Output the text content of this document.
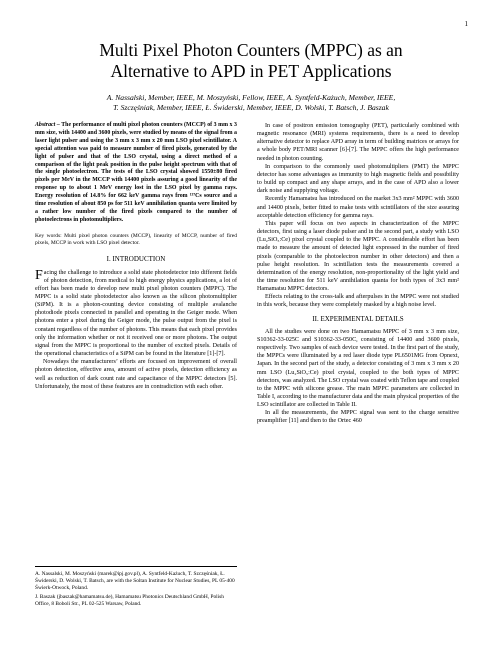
1
Multi Pixel Photon Counters (MPPC) as an
Alternative to APD in PET Applications
A. Nassalski, Member, IEEE, M. Moszyński, Fellow, IEEE, A. Syntfeld-Każuch, Member, IEEE,
T. Szczęśniak, Member, IEEE, Ł. Świderski, Member, IEEE, D. Wolski, T. Batsch, J. Baszak
Abstract – The performance of multi pixel photon counters (MCCP) of 3 mm x 3 mm size, with 14400 and 3600 pixels, were studied by means of the signal from a laser light pulser and using the 3 mm x 3 mm x 20 mm LSO pixel scintillator. A special attention was paid to measure number of fired pixels, generated by the light of pulser and that of the LSO crystal, using a direct method of a comparison of the light peak position in the pulse height spectrum with that of the single photoelectron. The tests of the LSO crystal showed 1550±80 fired pixels per MeV in the MCCP with 14400 pixels assuring a good linearity of the response up to about 1 MeV energy lost in the LSO pixel by gamma rays. Energy resolution of 14.8% for 662 keV gamma rays from ¹³⁷Cs source and a time resolution of about 850 ps for 511 keV annihilation quanta were limited by a rather low number of the fired pixels compared to the number of photoelectrons in photomultipliers.
Key words: Multi pixel photon counters (MCCP), linearity of MCCP, number of fired pixels, MCCP in work with LSO pixel detector.
I. INTRODUCTION

Facing the challenge to introduce a solid state photodetector into different fields of photon detection, from medical to high energy physics applications, a lot of effort has been made to develop new multi pixel photon counters (MPPC). The MPPC is a solid state photodetector also known as the silicon photomultiplier (SiPM). It is a photon-counting device consisting of multiple avalanche photodiode pixels connected in parallel and operating in the Geiger mode. When photons enter a pixel during the Geiger mode, the pulse output from the pixel is constant regardless of the number of photons. This means that each pixel provides only the information whether or not it received one or more photons. The output signal from the MPPC is proportional to the number of excited pixels. Details of the operational characteristics of a SiPM can be found in the literature [1]-[7].

Nowadays the manufacturers’ efforts are focused on improvement of overall photon detection, effective area, amount of active pixels, detection efficiency as well as reduction of dark count rate and capacitance of the MPPC detectors [5]. Unfortunately, the most of these features are in contradiction with each other.

A. Nassalski, M. Moszyński (marek@ipj.gov.pl), A. Syntfeld-Każuch, T. Szczęśniak, Ł. Świderski, D. Wolski, T. Batsch, are with the Soltan Institute for Nuclear Studies, PL 05-400 Świerk-Otwock, Poland.

J. Baszak (jbaszak@hamamatsu.de), Hamamatsu Photonics Deutschland GmbH, Polish Office, 8 Boboli Str., PL 02-525 Warsaw, Poland.

In case of positron emission tomography (PET), particularly combined with magnetic resonance (MRI) systems requirements, there is a need to develop alternative detector to replace APD array in term of building matrices or arrays for a whole body PET/MRI scanner [6]-[7]. The MPPC offers the high performance needed in photon counting.

In comparison to the commonly used photomultipliers (PMT) the MPPC detector has some advantages as immunity to high magnetic fields and possibility to build up compact and any shape arrays, and in the case of APD also a lower dark noise and supplying voltage.

Recently Hamamatsu has introduced on the market 3x3 mm² MPPC with 3600 and 14400 pixels, better fitted to make tests with scintillators of the size assuring acceptable detection efficiency for gamma rays.

This paper will focus on two aspects in characterization of the MPPC detectors, first using a laser diode pulser and in the second part, a study with LSO (Lu₂SiO₅:Ce) pixel crystal coupled to the MPPC. A considerable effort has been made to measure the amount of detected light expressed in the number of fired pixels (comparable to the photoelectron number in other detectors) and then a pulse height resolution. In scintillation tests the measurements covered a determination of the energy resolution, non-proportionality of the light yield and the time resolution for 511 keV annihilation quanta for both types of 3x3 mm² Hamamatsu MPPC detectors.

Effects relating to the cross-talk and afterpulses in the MPPC were not studied in this work, because they were completely masked by a high noise level.

II. EXPERIMENTAL DETAILS

All the studies were done on two Hamamatsu MPPC of 3 mm x 3 mm size, S10362-33-025C and S10362-33-050C, consisting of 14400 and 3600 pixels, respectively. Two samples of each device were tested. In the first part of the study, the MPPCs were illuminated by a red laser diode type PL6501MG from Opnext, Japan. In the second part of the study, a detector consisting of 3 mm x 3 mm x 20 mm LSO (Lu₂SiO₅:Ce) pixel crystal, coupled to the both types of MPPC detectors, was analyzed. The LSO crystal was coated with Teflon tape and coupled to the MPPC with silicone grease. The main MPPC parameters are collected in Table I, according to the manufacturer data and the main physical properties of the LSO scintillator are collected in Table II.

In all the measurements, the MPPC signal was sent to the charge sensitive preamplifier [11] and then to the Ortec 460
